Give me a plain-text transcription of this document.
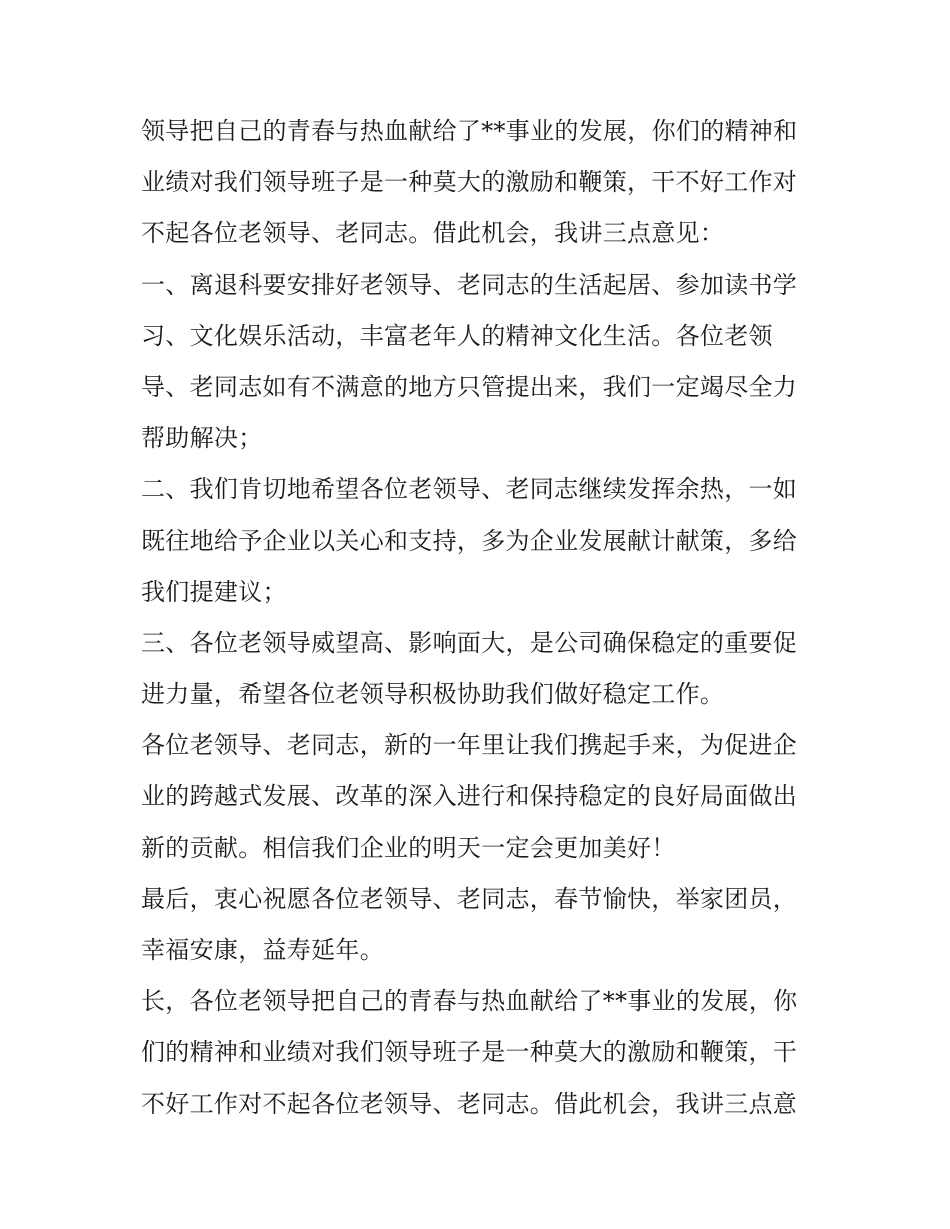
领导把自己的青春与热血献给了**事业的发展，你们的精神和
业绩对我们领导班子是一种莫大的激励和鞭策，干不好工作对
不起各位老领导、老同志。借此机会，我讲三点意见：
一、离退科要安排好老领导、老同志的生活起居、参加读书学
习、文化娱乐活动，丰富老年人的精神文化生活。各位老领
导、老同志如有不满意的地方只管提出来，我们一定竭尽全力
帮助解决；
二、我们肯切地希望各位老领导、老同志继续发挥余热，一如
既往地给予企业以关心和支持，多为企业发展献计献策，多给
我们提建议；
三、各位老领导威望高、影响面大，是公司确保稳定的重要促
进力量，希望各位老领导积极协助我们做好稳定工作。
各位老领导、老同志，新的一年里让我们携起手来，为促进企
业的跨越式发展、改革的深入进行和保持稳定的良好局面做出
新的贡献。相信我们企业的明天一定会更加美好！
最后，衷心祝愿各位老领导、老同志，春节愉快，举家团员，
幸福安康，益寿延年。
长，各位老领导把自己的青春与热血献给了**事业的发展，你
们的精神和业绩对我们领导班子是一种莫大的激励和鞭策，干
不好工作对不起各位老领导、老同志。借此机会，我讲三点意
